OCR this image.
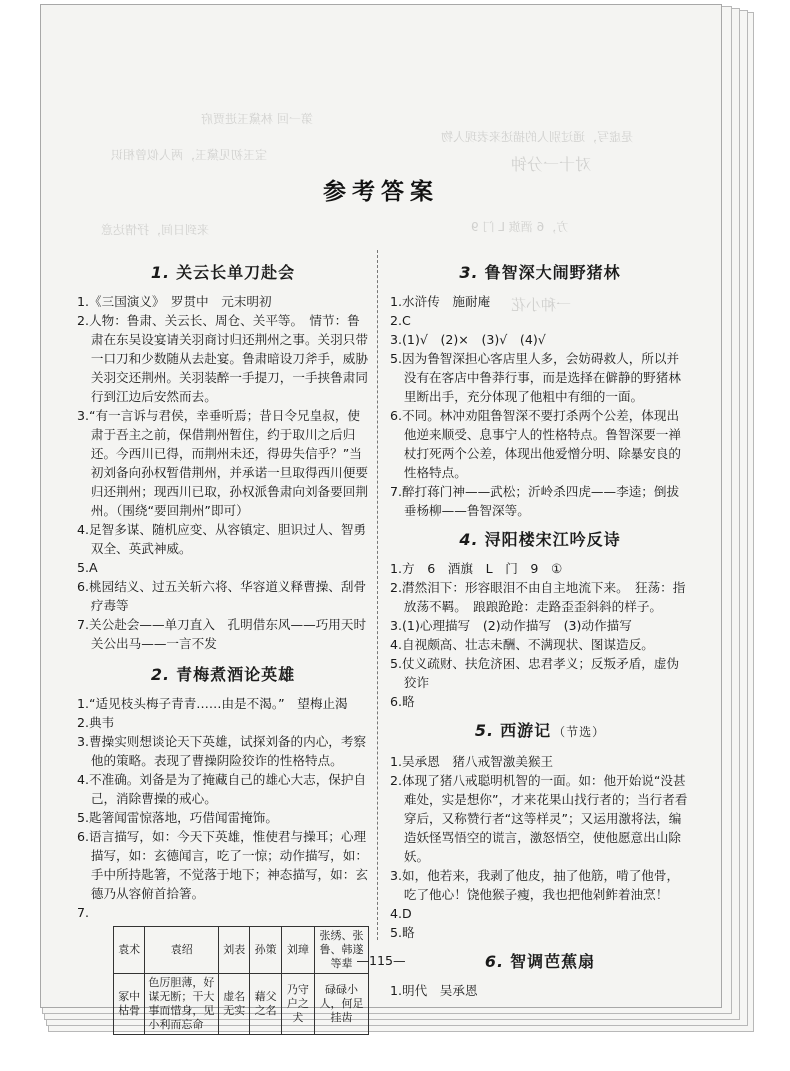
第一回 林黛玉进贾府
宝玉初见黛玉，两人似曾相识
是虚写，通过别人的描述来表现人物
对十一分钟
方，6 酒旗 L 门 9
一种小花
来到日间，抒情达意
参考答案
1. 关云长单刀赴会

1.《三国演义》　罗贯中　元末明初

2.人物：鲁肃、关云长、周仓、关平等。　情节：鲁肃在东吴设宴请关羽商讨归还荆州之事。关羽只带一口刀和少数随从去赴宴。鲁肃暗设刀斧手，威胁关羽交还荆州。关羽装醉一手提刀，一手挟鲁肃同行到江边后安然而去。

3.“有一言诉与君侯，幸垂听焉；昔日令兄皇叔，使肃于吾主之前，保借荆州暂住，约于取川之后归还。今西川已得，而荆州未还，得毋失信乎？”当初刘备向孙权暂借荆州，并承诺一旦取得西川便要归还荆州；现西川已取，孙权派鲁肃向刘备要回荆州。（围绕“要回荆州”即可）

4.足智多谋、随机应变、从容镇定、胆识过人、智勇双全、英武神威。

5.A

6.桃园结义、过五关斩六将、华容道义释曹操、刮骨疗毒等

7.关公赴会——单刀直入　孔明借东风——巧用天时　关公出马——一言不发

2. 青梅煮酒论英雄

1.“适见枝头梅子青青……由是不渴。”　望梅止渴

2.典韦

3.曹操实则想谈论天下英雄，试探刘备的内心，考察他的策略。表现了曹操阴险狡诈的性格特点。

4.不准确。刘备是为了掩藏自己的雄心大志，保护自己，消除曹操的戒心。

5.匙箸闻雷惊落地，巧借闻雷掩饰。

6.语言描写，如：今天下英雄，惟使君与操耳；心理描写，如：玄德闻言，吃了一惊；动作描写，如：手中所持匙箸，不觉落于地下；神态描写，如：玄德乃从容俯首拾箸。

7.

袁术	袁绍	刘表	孙策	刘璋	张绣、张鲁、韩遂等辈
冢中枯骨	色厉胆薄，好谋无断；干大事而惜身，见小利而忘命	虚名无实	藉父之名	乃守户之犬	碌碌小人，何足挂齿
3. 鲁智深大闹野猪林

1.水浒传　施耐庵

2.C

3.(1)√　(2)×　(3)√　(4)√

5.因为鲁智深担心客店里人多，会妨碍救人，所以并没有在客店中鲁莽行事，而是选择在僻静的野猪林里断出手，充分体现了他粗中有细的一面。

6.不同。林冲劝阻鲁智深不要打杀两个公差，体现出他逆来顺受、息事宁人的性格特点。鲁智深要一禅杖打死两个公差，体现出他爱憎分明、除暴安良的性格特点。

7.醉打蒋门神——武松；沂岭杀四虎——李逵；倒拔垂杨柳——鲁智深等。

4. 浔阳楼宋江吟反诗

1.方　6　酒旗　L　门　9　①

2.潸然泪下：形容眼泪不由自主地流下来。　狂荡：指放荡不羁。　踉踉跄跄：走路歪歪斜斜的样子。

3.(1)心理描写　(2)动作描写　(3)动作描写

4.自视颇高、壮志未酬、不满现状、图谋造反。

5.仗义疏财、扶危济困、忠君孝义；反叛矛盾，虚伪狡诈

6.略

5. 西游记 （节选）

1.吴承恩　猪八戒智激美猴王

2.体现了猪八戒聪明机智的一面。如：他开始说“没甚难处，实是想你”，才来花果山找行者的；当行者看穿后，又称赞行者“这等样灵”；又运用激将法，编造妖怪骂悟空的谎言，激怒悟空，使他愿意出山除妖。

3.如，他若来，我剥了他皮，抽了他筋，啃了他骨，吃了他心！饶他猴子瘦，我也把他剁鲊着油烹！

4.D

5.略

6. 智调芭蕉扇

1.明代　吴承恩

—115—
